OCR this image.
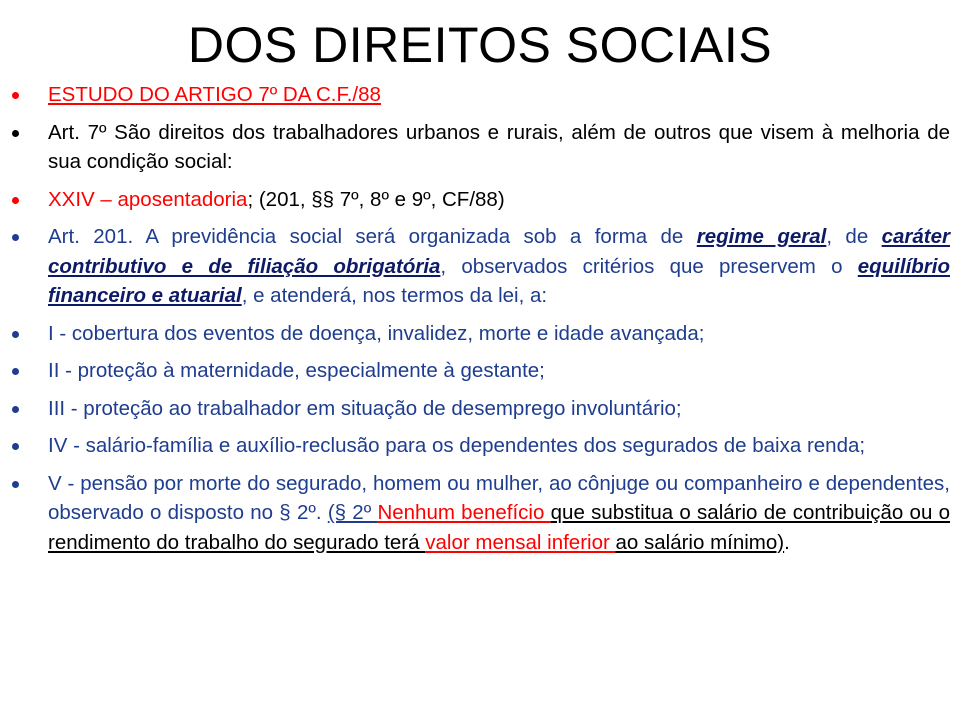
DOS DIREITOS SOCIAIS
ESTUDO DO ARTIGO 7º DA C.F./88
Art. 7º São direitos dos trabalhadores urbanos e rurais, além de outros que visem à melhoria de sua condição social:
XXIV – aposentadoria; (201, §§ 7º, 8º e 9º, CF/88)
Art. 201. A previdência social será organizada sob a forma de regime geral, de caráter contributivo e de filiação obrigatória, observados critérios que preservem o equilíbrio financeiro e atuarial, e atenderá, nos termos da lei, a:
I - cobertura dos eventos de doença, invalidez, morte e idade avançada;
II - proteção à maternidade, especialmente à gestante;
III - proteção ao trabalhador em situação de desemprego involuntário;
IV - salário-família e auxílio-reclusão para os dependentes dos segurados de baixa renda;
V - pensão por morte do segurado, homem ou mulher, ao cônjuge ou companheiro e dependentes, observado o disposto no § 2º. (§ 2º Nenhum benefício que substitua o salário de contribuição ou o rendimento do trabalho do segurado terá valor mensal inferior ao salário mínimo).
